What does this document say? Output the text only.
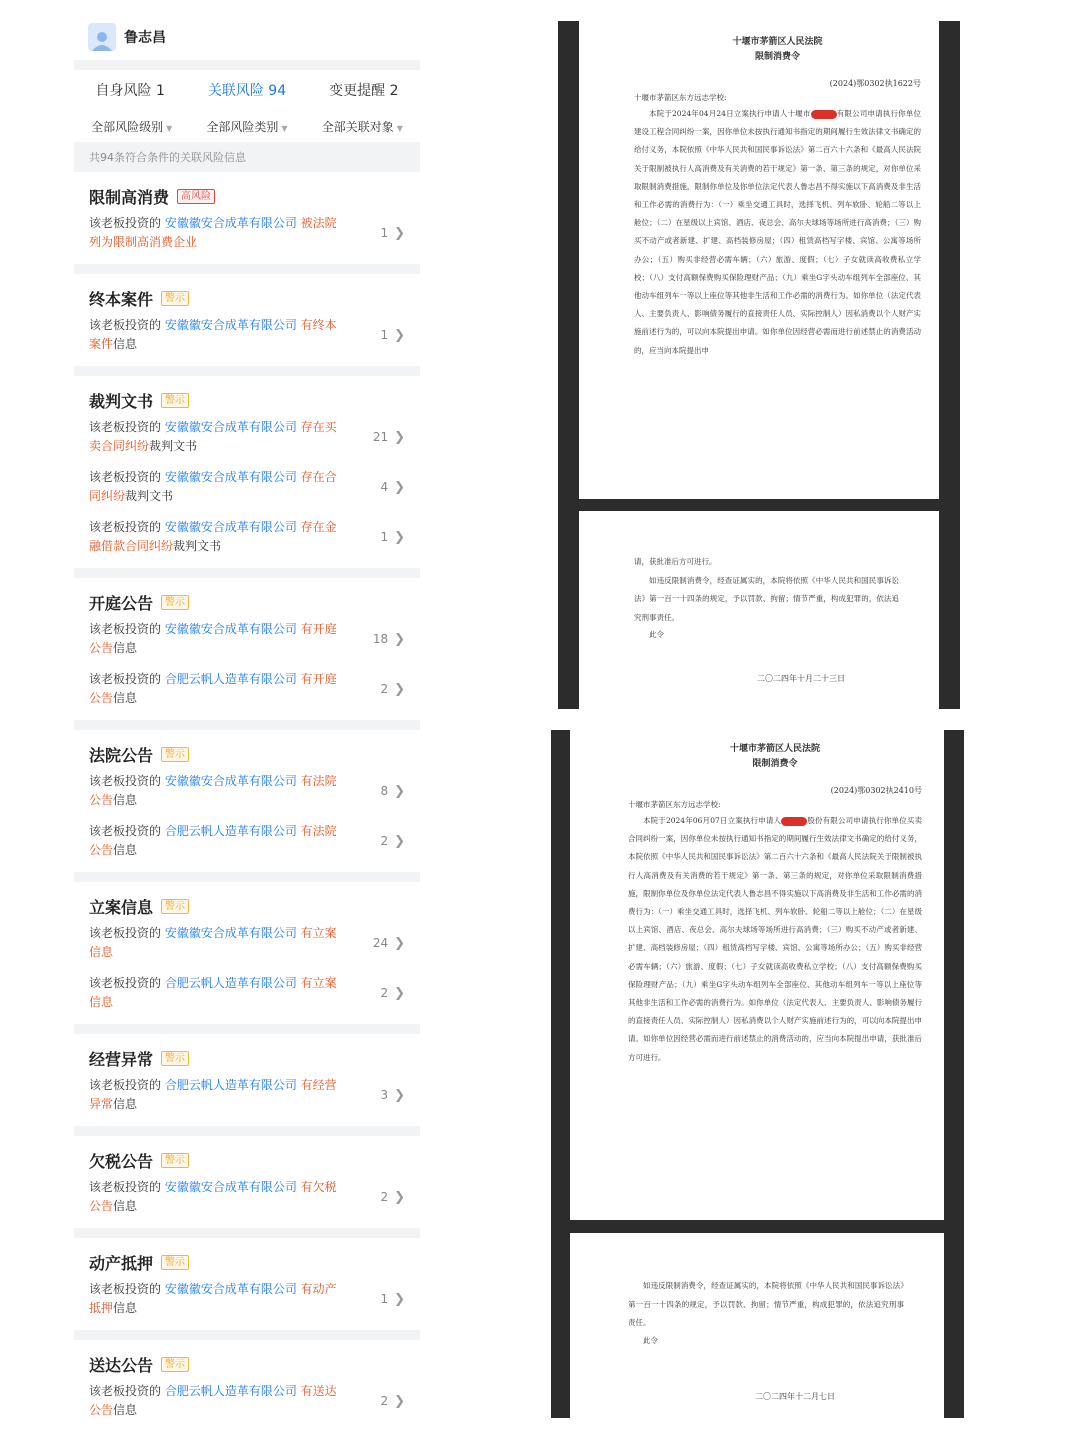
鲁志昌
自身风险 1	关联风险 94	变更提醒 2
全部风险级别 ▼	全部风险类别 ▼	全部关联对象 ▼
共94条符合条件的关联风险信息
限制高消费	高风险
该老板投资的 安徽徽安合成革有限公司 被法院列为限制高消费企业
1 ❯
终本案件	警示
该老板投资的 安徽徽安合成革有限公司 有终本案件信息
1 ❯
裁判文书	警示
该老板投资的 安徽徽安合成革有限公司 存在买卖合同纠纷裁判文书
21 ❯
该老板投资的 安徽徽安合成革有限公司 存在合同纠纷裁判文书
4 ❯
该老板投资的 安徽徽安合成革有限公司 存在金融借款合同纠纷裁判文书
1 ❯
开庭公告	警示
该老板投资的 安徽徽安合成革有限公司 有开庭公告信息
18 ❯
该老板投资的 合肥云帆人造革有限公司 有开庭公告信息
2 ❯
法院公告	警示
该老板投资的 安徽徽安合成革有限公司 有法院公告信息
8 ❯
该老板投资的 合肥云帆人造革有限公司 有法院公告信息
2 ❯
立案信息	警示
该老板投资的 安徽徽安合成革有限公司 有立案信息
24 ❯
该老板投资的 合肥云帆人造革有限公司 有立案信息
2 ❯
经营异常	警示
该老板投资的 合肥云帆人造革有限公司 有经营异常信息
3 ❯
欠税公告	警示
该老板投资的 安徽徽安合成革有限公司 有欠税公告信息
2 ❯
动产抵押	警示
该老板投资的 安徽徽安合成革有限公司 有动产抵押信息
1 ❯
送达公告	警示
该老板投资的 合肥云帆人造革有限公司 有送达公告信息
2 ❯
十堰市茅箭区人民法院
限制消费令
(2024)鄂0302执1622号
十堰市茅箭区东方远志学校:
本院于2024年04月24日立案执行申请人十堰市	有限公司申请执行你单位建设工程合同纠纷一案，因你单位未按执行通知书指定的期间履行生效法律文书确定的给付义务，本院依照《中华人民共和国民事诉讼法》第二百六十六条和《最高人民法院关于限制被执行人高消费及有关消费的若干规定》第一条、第三条的规定，对你单位采取限制消费措施，限制你单位及你单位法定代表人鲁志昌不得实施以下高消费及非生活和工作必需的消费行为：（一）乘坐交通工具时，选择飞机、列车软卧、轮船二等以上舱位；（二）在星级以上宾馆、酒店、夜总会、高尔夫球场等场所进行高消费；（三）购买不动产或者新建、扩建、高档装修房屋；（四）租赁高档写字楼、宾馆、公寓等场所办公；（五）购买非经营必需车辆；（六）旅游、度假；（七）子女就读高收费私立学校；（八）支付高额保费购买保险理财产品；（九）乘坐G字头动车组列车全部座位、其他动车组列车一等以上座位等其他非生活和工作必需的消费行为。如你单位（法定代表人、主要负责人、影响债务履行的直接责任人员、实际控制人）因私消费以个人财产实施前述行为的，可以向本院提出申请。如你单位因经营必需而进行前述禁止的消费活动的，应当向本院提出申
请，获批准后方可进行。
如违反限制消费令，经查证属实的，本院将依照《中华人民共和国民事诉讼法》第一百一十四条的规定，予以罚款、拘留；情节严重，构成犯罪的，依法追究刑事责任。
此令
二〇二四年十月二十三日
十堰市茅箭区人民法院
限制消费令
(2024)鄂0302执2410号
十堰市茅箭区东方远志学校:
本院于2024年06月07日立案执行申请人	股份有限公司申请执行你单位买卖合同纠纷一案，因你单位未按执行通知书指定的期间履行生效法律文书确定的给付义务，本院依照《中华人民共和国民事诉讼法》第二百六十六条和《最高人民法院关于限制被执行人高消费及有关消费的若干规定》第一条、第三条的规定，对你单位采取限制消费措施，限制你单位及你单位法定代表人鲁志昌不得实施以下高消费及非生活和工作必需的消费行为：（一）乘坐交通工具时，选择飞机、列车软卧、轮船二等以上舱位；（二）在星级以上宾馆、酒店、夜总会、高尔夫球场等场所进行高消费；（三）购买不动产或者新建、扩建、高档装修房屋；（四）租赁高档写字楼、宾馆、公寓等场所办公；（五）购买非经营必需车辆；（六）旅游、度假；（七）子女就读高收费私立学校；（八）支付高额保费购买保险理财产品；（九）乘坐G字头动车组列车全部座位、其他动车组列车一等以上座位等其他非生活和工作必需的消费行为。如你单位（法定代表人、主要负责人、影响债务履行的直接责任人员、实际控制人）因私消费以个人财产实施前述行为的，可以向本院提出申请。如你单位因经营必需而进行前述禁止的消费活动的，应当向本院提出申请，获批准后方可进行。
如违反限制消费令，经查证属实的，本院将依照《中华人民共和国民事诉讼法》第一百一十四条的规定，予以罚款、拘留；情节严重，构成犯罪的，依法追究刑事责任。
此令
二〇二四年十二月七日
